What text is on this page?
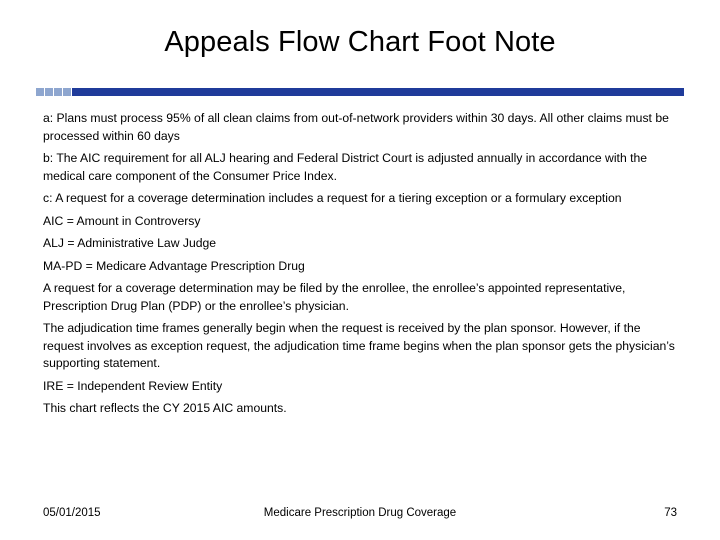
Appeals Flow Chart Foot Note

a: Plans must process 95% of all clean claims from out-of-network providers within 30 days. All other claims must be processed within 60 days

b: The AIC requirement for all ALJ hearing and Federal District Court is adjusted annually in accordance with the medical care component of the Consumer Price Index.

c: A request for a coverage determination includes a request for a tiering exception or a formulary exception

AIC = Amount in Controversy

ALJ = Administrative Law Judge

MA-PD = Medicare Advantage Prescription Drug

A request for a coverage determination may be filed by the enrollee, the enrollee’s appointed representative, Prescription Drug Plan (PDP) or the enrollee’s physician.

The adjudication time frames generally begin when the request is received by the plan sponsor. However, if the request involves as exception request, the adjudication time frame begins when the plan sponsor gets the physician’s supporting statement.

IRE = Independent Review Entity

This chart reflects the CY 2015 AIC amounts.

05/01/2015	Medicare Prescription Drug Coverage	73
